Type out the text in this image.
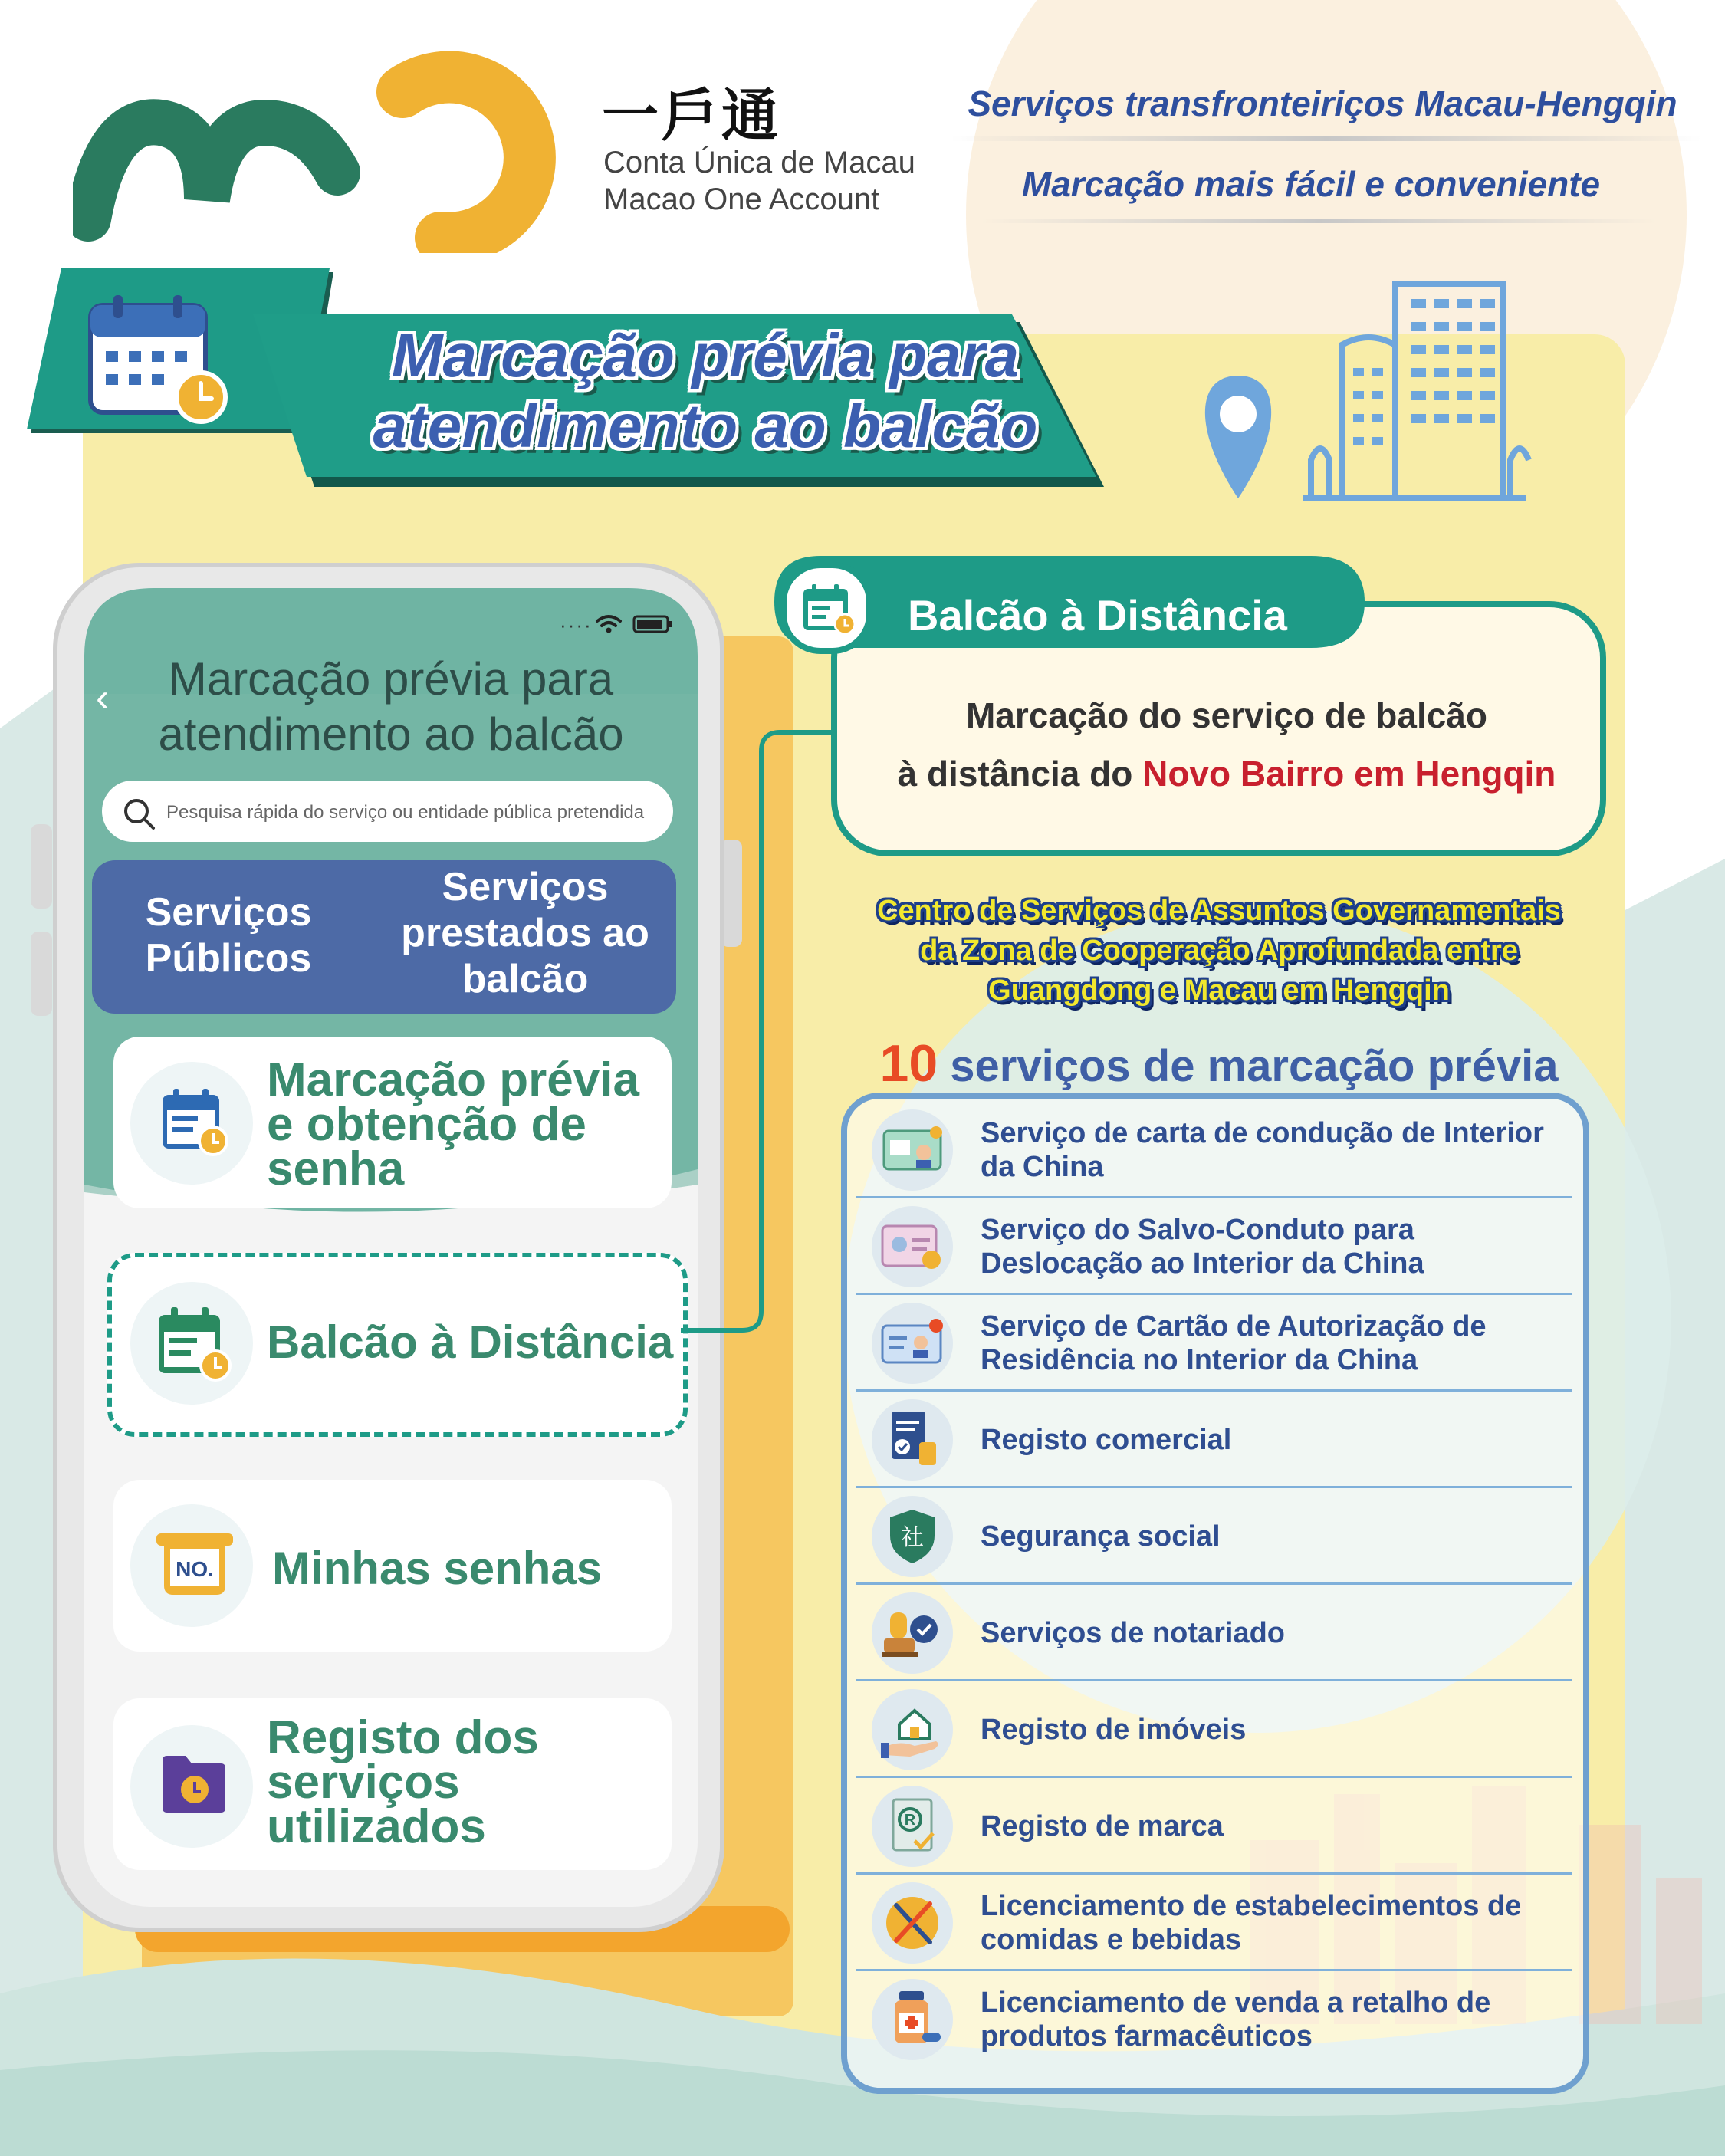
一戶通
Conta Única de Macau
Macao One Account
Serviços transfronteiriços Macau-Hengqin
Marcação mais fácil e conveniente
Marcação prévia para atendimento ao balcão
····
‹	Marcação prévia para atendimento ao balcão
Pesquisa rápida do serviço ou entidade pública pretendida
Serviços Públicos
Serviços prestados ao balcão
Marcação prévia e obtenção de senha
Balcão à Distância
NO. Minhas senhas
Registo dos serviços utilizados
Balcão à Distância
Marcação do serviço de balcão
à distância do Novo Bairro em Hengqin
Centro de Serviços de Assuntos Governamentais
da Zona de Cooperação Aprofundada entre
Guangdong e Macau em Hengqin
10 serviços de marcação prévia
Serviço de carta de condução de Interior da China
Serviço do Salvo-Conduto para Deslocação ao Interior da China
Serviço de Cartão de Autorização de Residência no Interior da China
Registo comercial
社 Segurança social
Serviços de notariado
Registo de imóveis
R Registo de marca
Licenciamento de estabelecimentos de comidas e bebidas
Licenciamento de venda a retalho de produtos farmacêuticos
